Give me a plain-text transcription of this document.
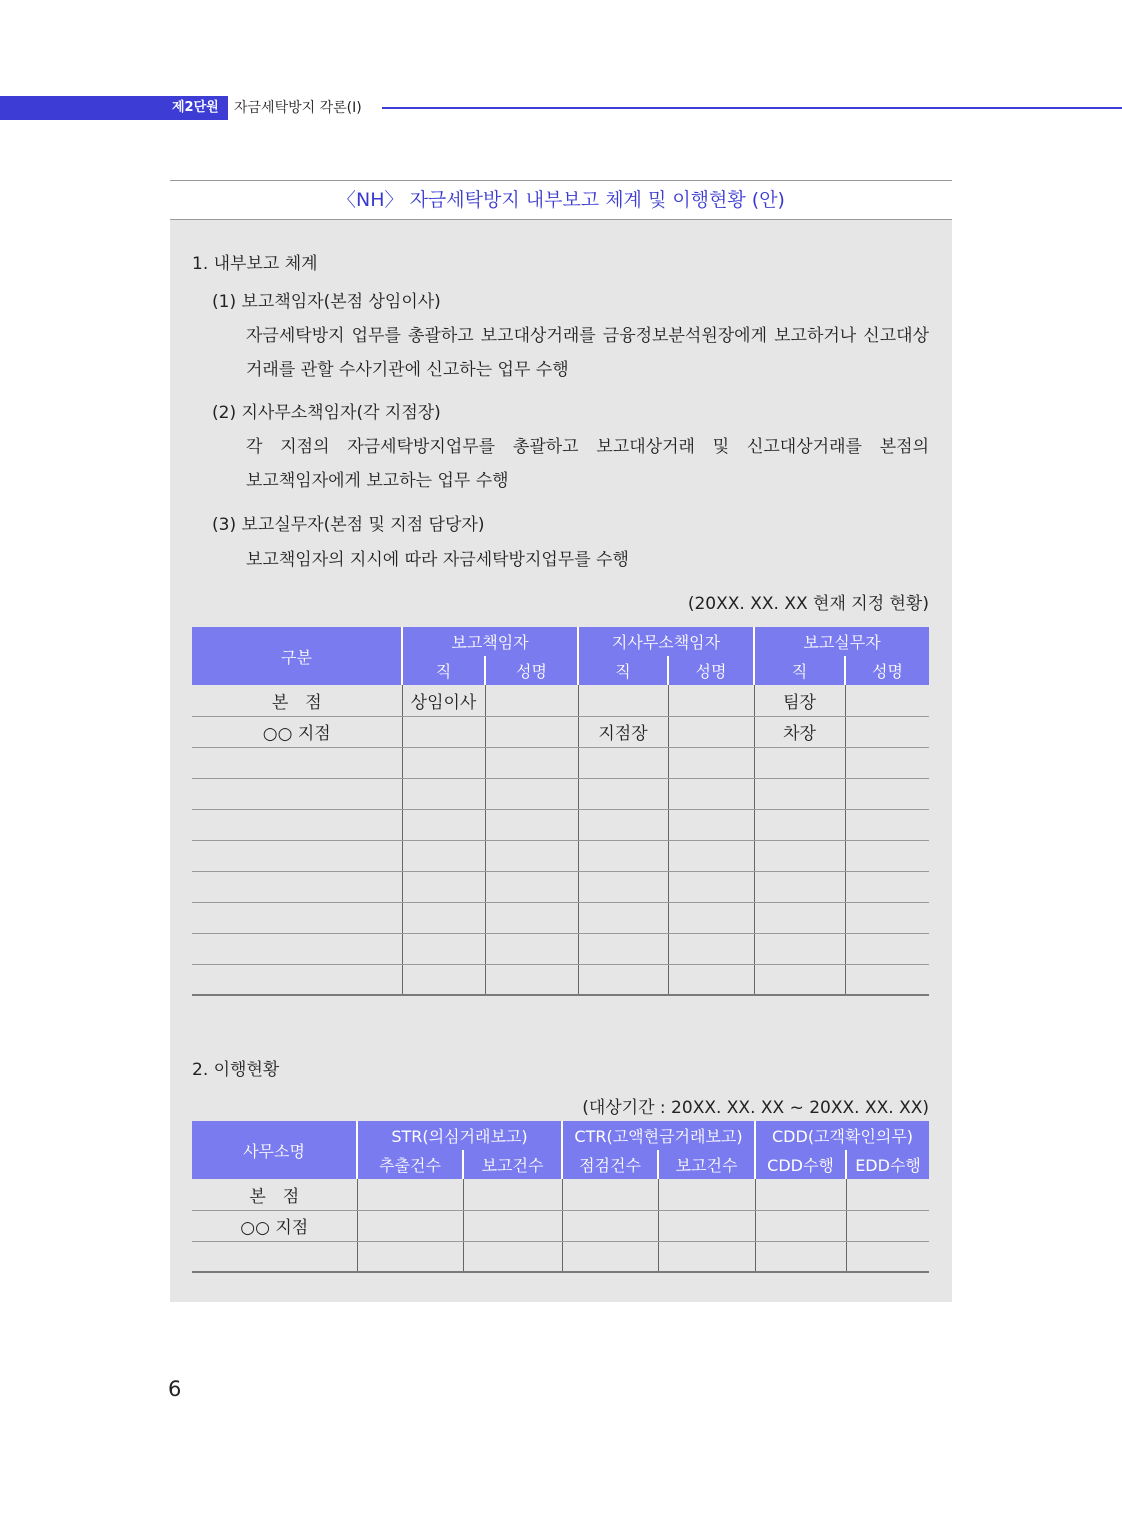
제2단원 자금세탁방지 각론(Ⅰ)
〈NH〉 자금세탁방지 내부보고 체계 및 이행현황 (안)
1. 내부보고 체계
(1) 보고책임자(본점 상임이사)
자금세탁방지 업무를 총괄하고 보고대상거래를 금융정보분석원장에게 보고하거나 신고대상
거래를 관할 수사기관에 신고하는 업무 수행
(2) 지사무소책임자(각 지점장)
각 지점의 자금세탁방지업무를 총괄하고 보고대상거래 및 신고대상거래를 본점의
보고책임자에게 보고하는 업무 수행
(3) 보고실무자(본점 및 지점 담당자)
보고책임자의 지시에 따라 자금세탁방지업무를 수행
(20XX. XX. XX 현재 지정 현황)
구분	보고책임자		지사무소책임자		보고실무자	
	직	성명	직	성명	직	성명
본　점	상임이사				팀장	
○○ 지점			지점장		차장	

2. 이행현황
(대상기간 : 20XX. XX. XX ~ 20XX. XX. XX)
사무소명	STR(의심거래보고)		CTR(고액현금거래보고)		CDD(고객확인의무)	
	추출건수	보고건수	점검건수	보고건수	CDD수행	EDD수행
본　점						
○○ 지점						

6
